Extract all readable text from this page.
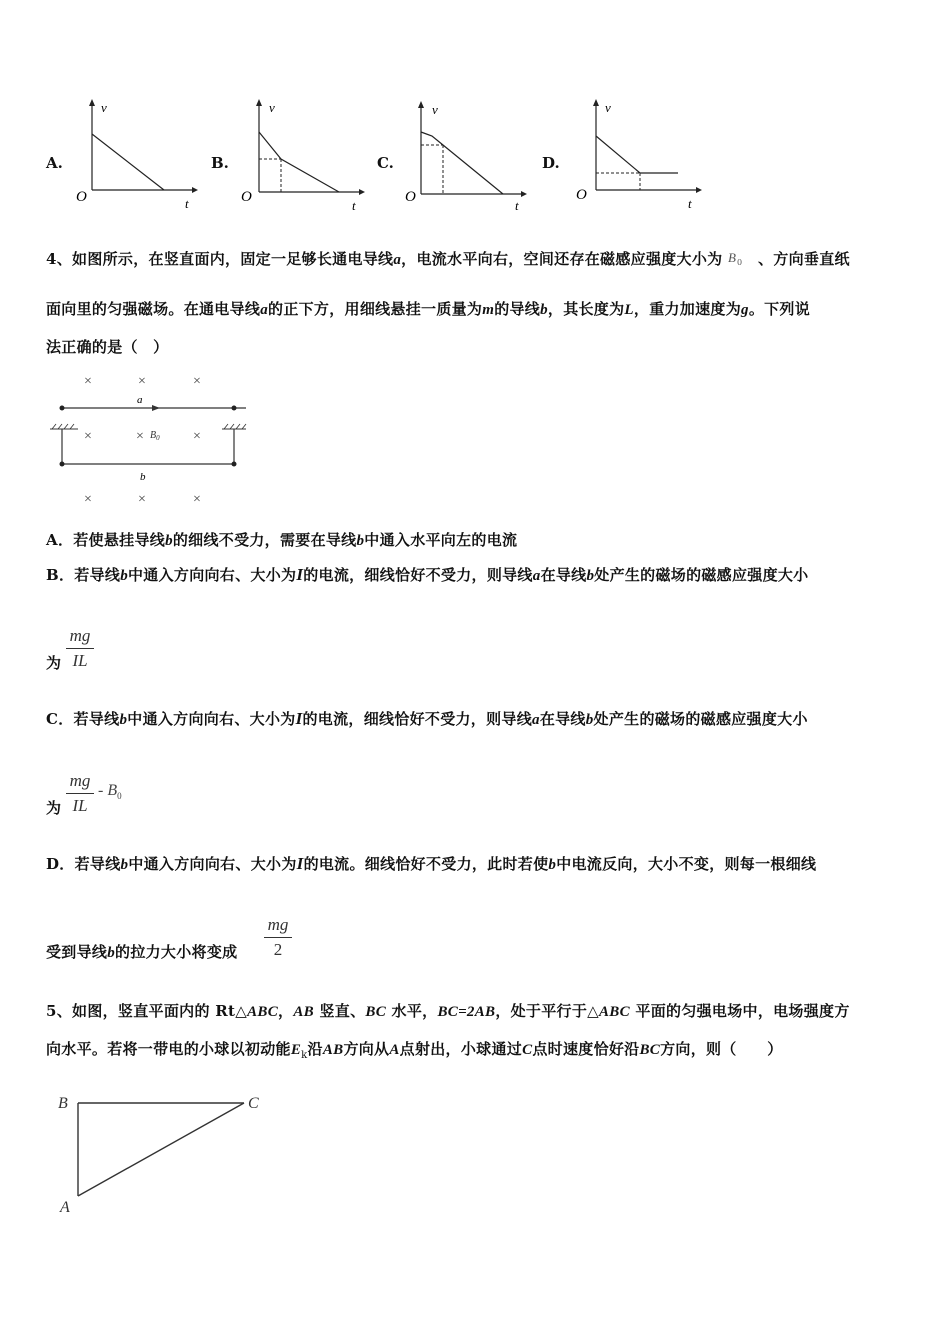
A.
v
t
O
B.
v
t
O
C.
v
t
O
D.
v
t
O
4、如图所示，在竖直面内，固定一足够长通电导线a，电流水平向右，空间还存在磁感应强度大小为 B 0 、方向垂直纸
面向里的匀强磁场。在通电导线a的正下方，用细线悬挂一质量为m的导线b，其长度为L，重力加速度为g。下列说
法正确的是（　）
×	×	×
a
×	×	×
$B_0$
b
×	×	×
A．若使悬挂导线b的细线不受力，需要在导线b中通入水平向左的电流
B．若导线b中通入方向向右、大小为I的电流，细线恰好不受力，则导线a在导线b处产生的磁场的磁感应强度大小
为
mg
IL
C．若导线b中通入方向向右、大小为I的电流，细线恰好不受力，则导线a在导线b处产生的磁场的磁感应强度大小
为
mg
IL
- $B_0$
D．若导线b中通入方向向右、大小为I的电流。细线恰好不受力，此时若使b中电流反向，大小不变，则每一根细线
受到导线b的拉力大小将变成
mg
2
5、如图，竖直平面内的 Rt△ABC，AB 竖直、BC 水平，BC=2AB，处于平行于△ABC 平面的匀强电场中，电场强度方
向水平。若将一带电的小球以初动能$E_k$沿AB方向从A点射出，小球通过C点时速度恰好沿BC方向，则（　　）
B	C
A
